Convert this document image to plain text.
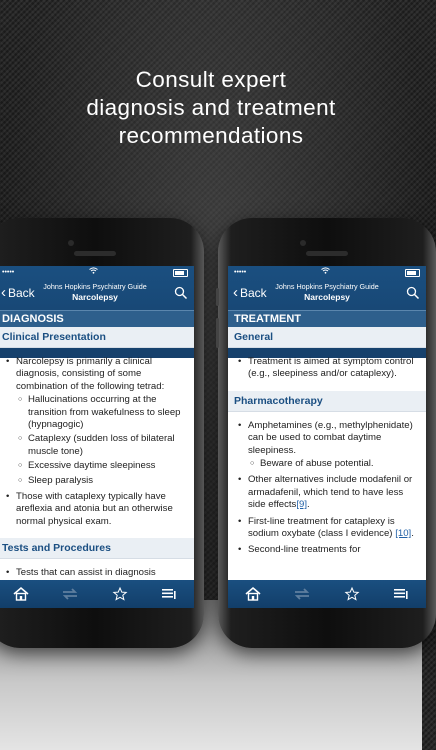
Consult expert
diagnosis and treatment
recommendations
•••••
‹ Back	Johns Hopkins Psychiatry Guide
Narcolepsy
DIAGNOSIS
Clinical Presentation
• Narcolepsy is primarily a clinical diagnosis, consisting of some combination of the following tetrad:
○ Hallucinations occurring at the transition from wakefulness to sleep (hypnagogic)
○ Cataplexy (sudden loss of bilateral muscle tone)
○ Excessive daytime sleepiness
○ Sleep paralysis
• Those with cataplexy typically have areflexia and atonia but an otherwise normal physical exam.
Tests and Procedures
• Tests that can assist in diagnosis
•••••
‹ Back	Johns Hopkins Psychiatry Guide
Narcolepsy
TREATMENT
General
• Treatment is aimed at symptom control (e.g., sleepiness and/or cataplexy).
Pharmacotherapy
• Amphetamines (e.g., methylphenidate) can be used to combat daytime sleepiness.
○ Beware of abuse potential.
• Other alternatives include modafenil or armadafenil, which tend to have less side effects[9].
• First-line treatment for cataplexy is sodium oxybate (class I evidence) [10].
• Second-line treatments for
